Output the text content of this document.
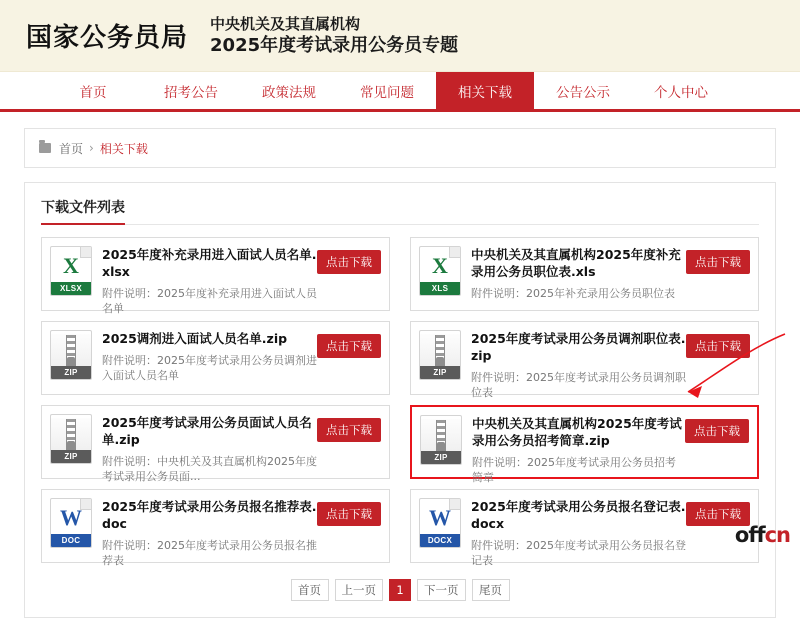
国家公务员局 中央机关及其直属机构
2025年度考试录用公务员专题
首页	招考公告	政策法规	常见问题	相关下载	公告公示	个人中心
首页 › 相关下载
下载文件列表
X
XLSX
2025年度补充录用进入面试人员名单.xlsx
附件说明：2025年度补充录用进入面试人员名单
点击下载	X
XLS
中央机关及其直属机构2025年度补充录用公务员职位表.xls
附件说明：2025年补充录用公务员职位表
点击下载
ZIP
2025调剂进入面试人员名单.zip
附件说明：2025年度考试录用公务员调剂进入面试人员名单
点击下载
ZIP
2025年度考试录用公务员调剂职位表.zip
附件说明：2025年度考试录用公务员调剂职位表
点击下载
ZIP
2025年度考试录用公务员面试人员名单.zip
附件说明：中央机关及其直属机构2025年度考试录用公务员面...
点击下载
ZIP
中央机关及其直属机构2025年度考试录用公务员招考简章.zip
附件说明：2025年度考试录用公务员招考简章
点击下载
W
DOC
2025年度考试录用公务员报名推荐表.doc
附件说明：2025年度考试录用公务员报名推荐表
点击下载	W
DOCX
2025年度考试录用公务员报名登记表.docx
附件说明：2025年度考试录用公务员报名登记表
点击下载
首页	上一页	1	下一页	尾页
offcn
